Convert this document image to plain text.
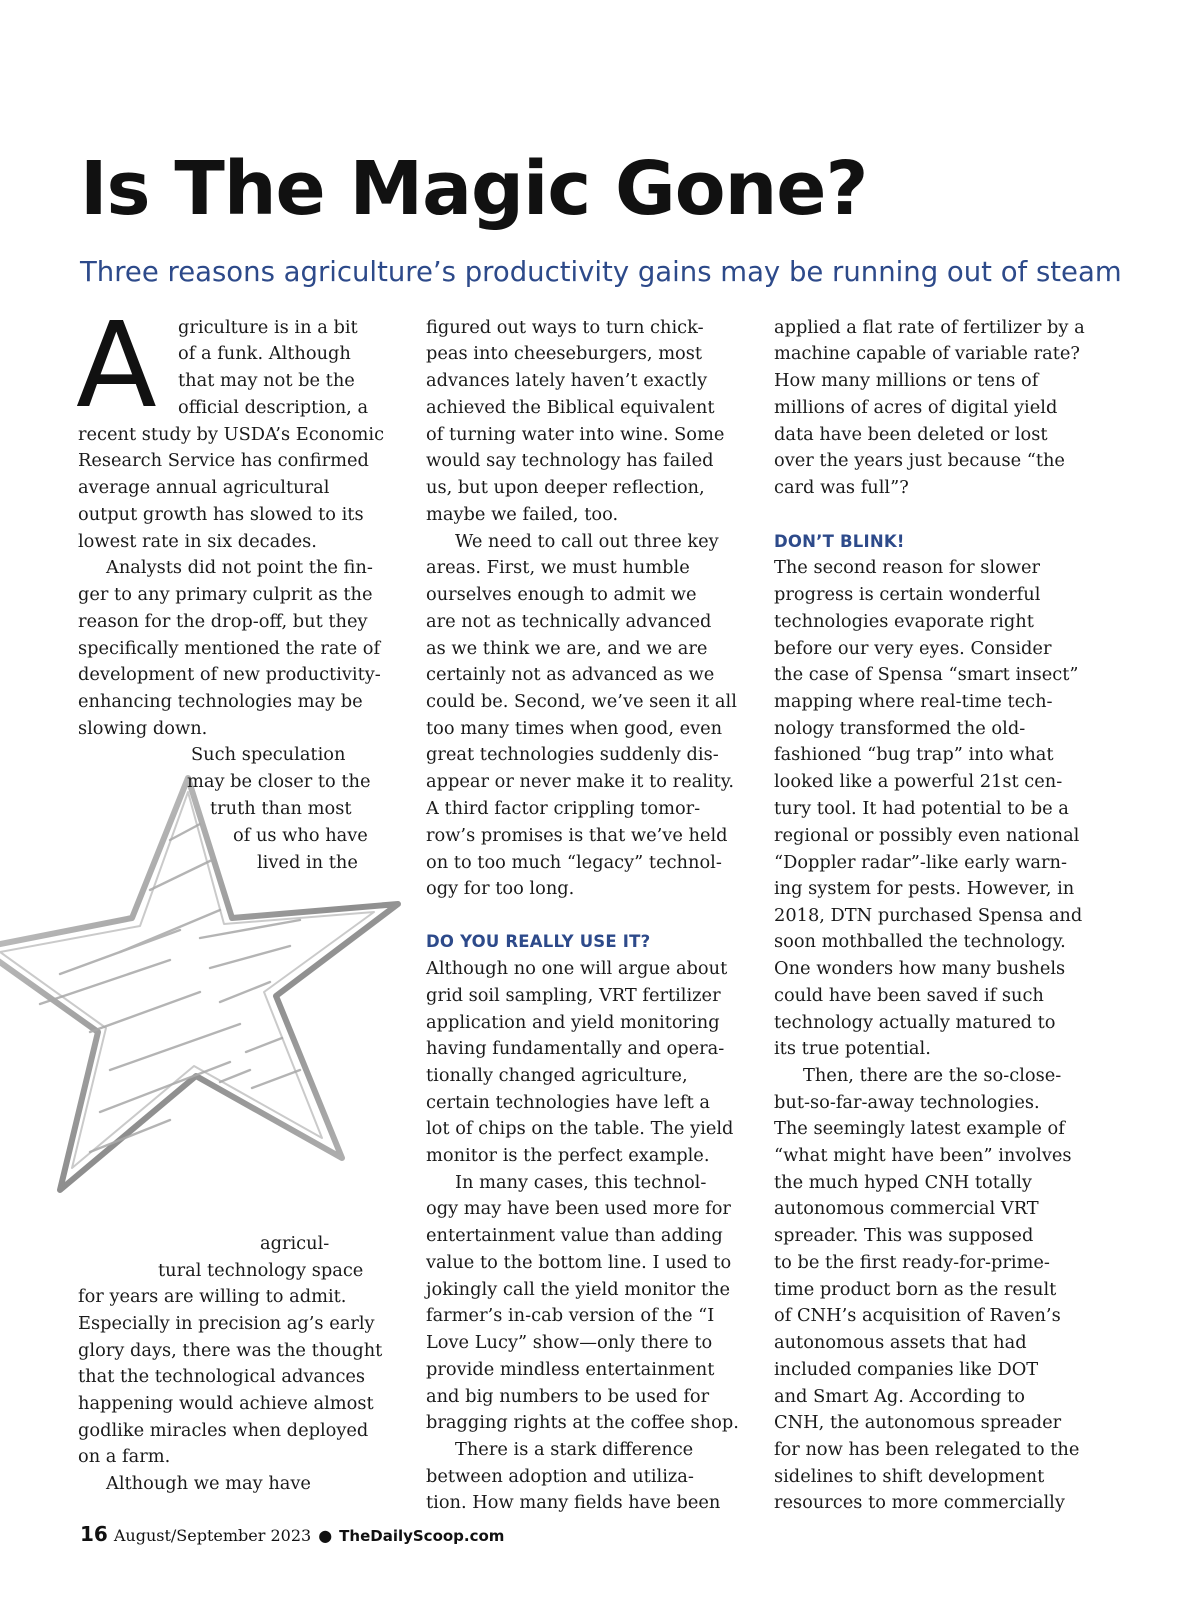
Is The Magic Gone?

Three reasons agriculture’s productivity gains may be running out of steam

A griculture is in a bit
of a funk. Although
that may not be the
official description, a
recent study by USDA’s Economic
Research Service has confirmed
average annual agricultural
output growth has slowed to its
lowest rate in six decades.
Analysts did not point the fin-
ger to any primary culprit as the
reason for the drop-off, but they
specifically mentioned the rate of
development of new productivity-
enhancing technologies may be
slowing down.
Such speculation
may be closer to the
truth than most
of us who have
lived in the
agricul-
tural technology space
for years are willing to admit.
Especially in precision ag’s early
glory days, there was the thought
that the technological advances
happening would achieve almost
godlike miracles when deployed
on a farm.
Although we may have
figured out ways to turn chick-
peas into cheeseburgers, most
advances lately haven’t exactly
achieved the Biblical equivalent
of turning water into wine. Some
would say technology has failed
us, but upon deeper reflection,
maybe we failed, too.
We need to call out three key
areas. First, we must humble
ourselves enough to admit we
are not as technically advanced
as we think we are, and we are
certainly not as advanced as we
could be. Second, we’ve seen it all
too many times when good, even
great technologies suddenly dis-
appear or never make it to reality.
A third factor crippling tomor-
row’s promises is that we’ve held
on to too much “legacy” technol-
ogy for too long.
DO YOU REALLY USE IT?
Although no one will argue about
grid soil sampling, VRT fertilizer
application and yield monitoring
having fundamentally and opera-
tionally changed agriculture,
certain technologies have left a
lot of chips on the table. The yield
monitor is the perfect example.
In many cases, this technol-
ogy may have been used more for
entertainment value than adding
value to the bottom line. I used to
jokingly call the yield monitor the
farmer’s in-cab version of the “I
Love Lucy” show—only there to
provide mindless entertainment
and big numbers to be used for
bragging rights at the coffee shop.
There is a stark difference
between adoption and utiliza-
tion. How many fields have been
applied a flat rate of fertilizer by a
machine capable of variable rate?
How many millions or tens of
millions of acres of digital yield
data have been deleted or lost
over the years just because “the
card was full”?
DON’T BLINK!
The second reason for slower
progress is certain wonderful
technologies evaporate right
before our very eyes. Consider
the case of Spensa “smart insect”
mapping where real-time tech-
nology transformed the old-
fashioned “bug trap” into what
looked like a powerful 21st cen-
tury tool. It had potential to be a
regional or possibly even national
“Doppler radar”-like early warn-
ing system for pests. However, in
2018, DTN purchased Spensa and
soon mothballed the technology.
One wonders how many bushels
could have been saved if such
technology actually matured to
its true potential.
Then, there are the so-close-
but-so-far-away technologies.
The seemingly latest example of
“what might have been” involves
the much hyped CNH totally
autonomous commercial VRT
spreader. This was supposed
to be the first ready-for-prime-
time product born as the result
of CNH’s acquisition of Raven’s
autonomous assets that had
included companies like DOT
and Smart Ag. According to
CNH, the autonomous spreader
for now has been relegated to the
sidelines to shift development
resources to more commercially
16 August/September 2023 ● TheDailyScoop.com
